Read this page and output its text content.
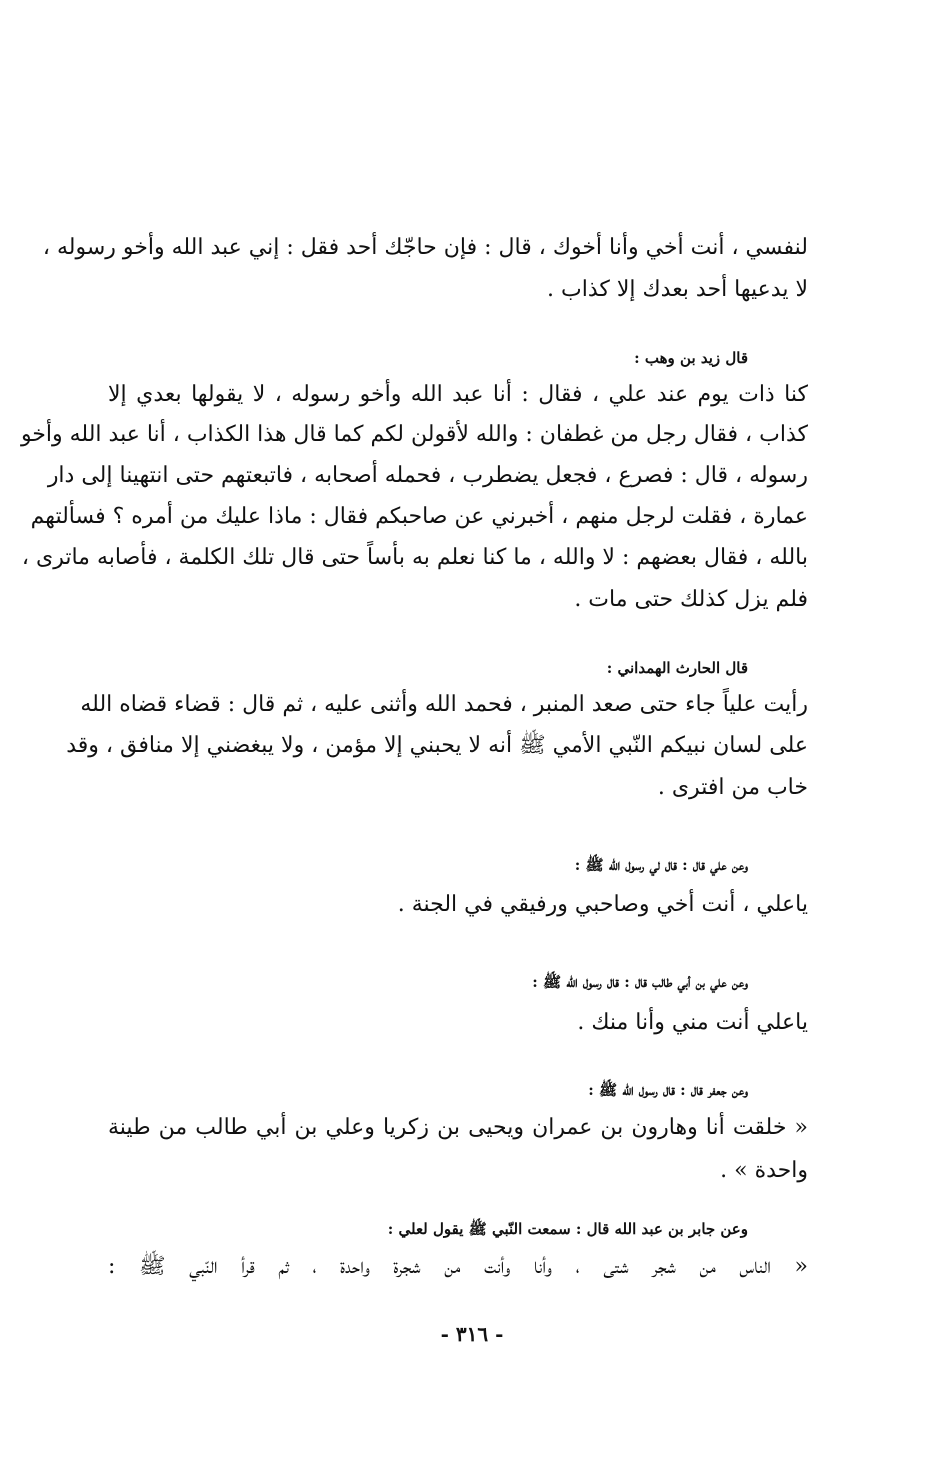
لنفسي ، أنت أخي وأنا أخوك ، قال : فإن حاجّك أحد فقل : إني عبد الله وأخو رسوله ،
لا يدعيها أحد بعدك إلا كذاب .
قال زيد بن وهب :
كنا ذات يوم عند علي ، فقال : أنا عبد الله وأخو رسوله ، لا يقولها بعدي إلا
كذاب ، فقال رجل من غطفان : والله لأقولن لكم كما قال هذا الكذاب ، أنا عبد الله وأخو
رسوله ، قال : فصرع ، فجعل يضطرب ، فحمله أصحابه ، فاتبعتهم حتى انتهينا إلى دار
عمارة ، فقلت لرجل منهم ، أخبرني عن صاحبكم فقال : ماذا عليك من أمره ؟ فسألتهم
بالله ، فقال بعضهم : لا والله ، ما كنا نعلم به بأساً حتى قال تلك الكلمة ، فأصابه ماترى ،
فلم يزل كذلك حتى مات .
قال الحارث الهمداني :
رأيت علياً جاء حتى صعد المنبر ، فحمد الله وأثنى عليه ، ثم قال : قضاء قضاه الله
على لسان نبيكم النّبي الأمي ﷺ أنه لا يحبني إلا مؤمن ، ولا يبغضني إلا منافق ، وقد
خاب من افترى .
وعن علي قال : قال لي رسول الله ﷺ :
ياعلي ، أنت أخي وصاحبي ورفيقي في الجنة .
وعن علي بن أبي طالب قال : قال رسول الله ﷺ :
ياعلي أنت مني وأنا منك .
وعن جعفر قال : قال رسول الله ﷺ :
« خلقت أنا وهارون بن عمران ويحيى بن زكريا وعلي بن أبي طالب من طينة
واحدة » .
وعن جابر بن عبد الله قال : سمعت النّبي ﷺ يقول لعلي :
« الناس من شجر شتى ، وأنا وأنت من شجرة واحدة ، ثم قرأ النّبي ﷺ :
- ٣١٦ -
